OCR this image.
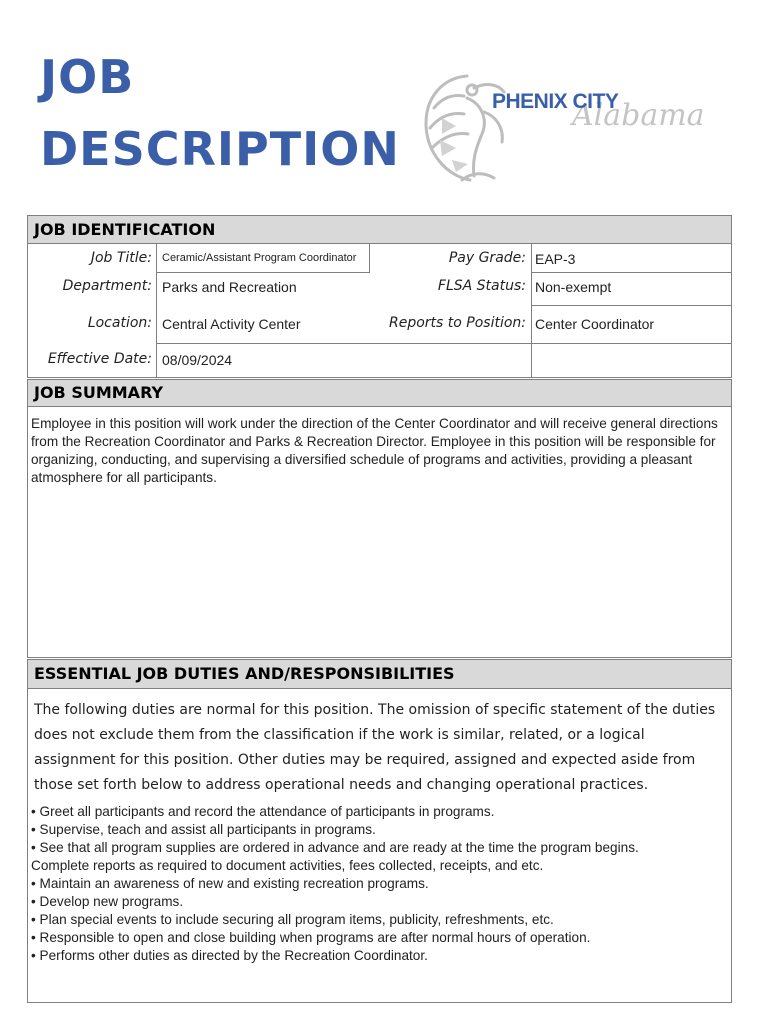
JOB
DESCRIPTION
Alabama
PHENIX CITY
JOB IDENTIFICATION
Job Title: Ceramic/Assistant Program Coordinator	Pay Grade: EAP-3
Department: Parks and Recreation	FLSA Status: Non-exempt
Location: Central Activity Center	Reports to Position: Center Coordinator
Effective Date: 08/09/2024
JOB SUMMARY
Employee in this position will work under the direction of the Center Coordinator and will receive general directions from the Recreation Coordinator and Parks & Recreation Director. Employee in this position will be responsible for organizing, conducting, and supervising a diversified schedule of programs and activities, providing a pleasant atmosphere for all participants.
ESSENTIAL JOB DUTIES AND/RESPONSIBILITIES
The following duties are normal for this position. The omission of specific statement of the duties does not exclude them from the classification if the work is similar, related, or a logical assignment for this position. Other duties may be required, assigned and expected aside from those set forth below to address operational needs and changing operational practices.
• Greet all participants and record the attendance of participants in programs.
• Supervise, teach and assist all participants in programs.
• See that all program supplies are ordered in advance and are ready at the time the program begins.
Complete reports as required to document activities, fees collected, receipts, and etc.
• Maintain an awareness of new and existing recreation programs.
• Develop new programs.
• Plan special events to include securing all program items, publicity, refreshments, etc.
• Responsible to open and close building when programs are after normal hours of operation.
• Performs other duties as directed by the Recreation Coordinator.
